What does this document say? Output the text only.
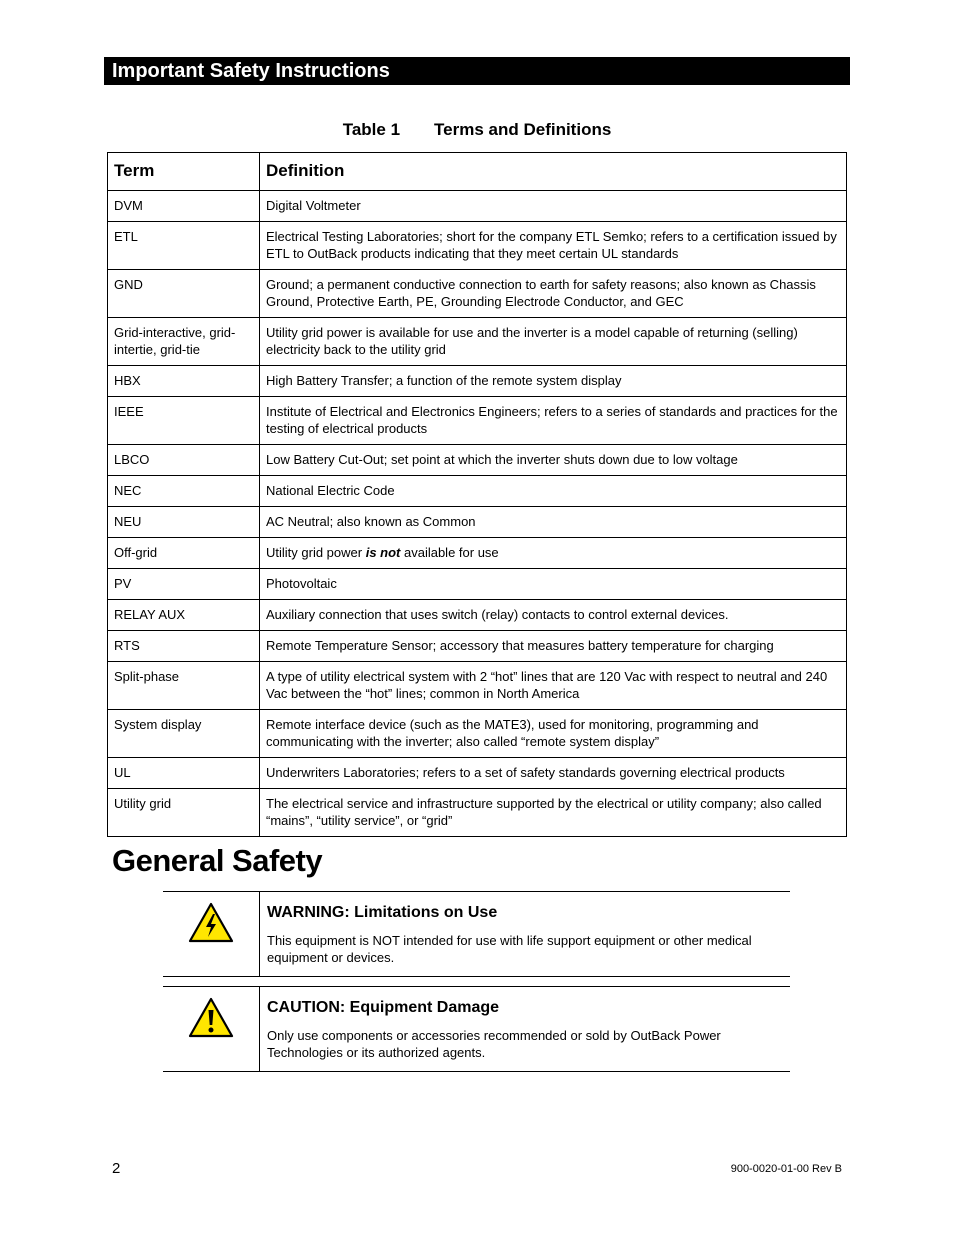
Important Safety Instructions
Table 1 Terms and Definitions
Term	Definition
DVM	Digital Voltmeter
ETL	Electrical Testing Laboratories; short for the company ETL Semko; refers to a certification issued by ETL to OutBack products indicating that they meet certain UL standards
GND	Ground; a permanent conductive connection to earth for safety reasons; also known as Chassis Ground, Protective Earth, PE, Grounding Electrode Conductor, and GEC
Grid-interactive, grid-intertie, grid-tie	Utility grid power is available for use and the inverter is a model capable of returning (selling) electricity back to the utility grid
HBX	High Battery Transfer; a function of the remote system display
IEEE	Institute of Electrical and Electronics Engineers; refers to a series of standards and practices for the testing of electrical products
LBCO	Low Battery Cut-Out; set point at which the inverter shuts down due to low voltage
NEC	National Electric Code
NEU	AC Neutral; also known as Common
Off-grid	Utility grid power is not available for use
PV	Photovoltaic
RELAY AUX	Auxiliary connection that uses switch (relay) contacts to control external devices.
RTS	Remote Temperature Sensor; accessory that measures battery temperature for charging
Split-phase	A type of utility electrical system with 2 “hot” lines that are 120 Vac with respect to neutral and 240 Vac between the “hot” lines; common in North America
System display	Remote interface device (such as the MATE3), used for monitoring, programming and communicating with the inverter; also called “remote system display”
UL	Underwriters Laboratories; refers to a set of safety standards governing electrical products
Utility grid	The electrical service and infrastructure supported by the electrical or utility company; also called “mains”, “utility service”, or “grid”
General Safety
WARNING: Limitations on Use
This equipment is NOT intended for use with life support equipment or other medical equipment or devices.
CAUTION: Equipment Damage
Only use components or accessories recommended or sold by OutBack Power Technologies or its authorized agents.
2	900-0020-01-00 Rev B
